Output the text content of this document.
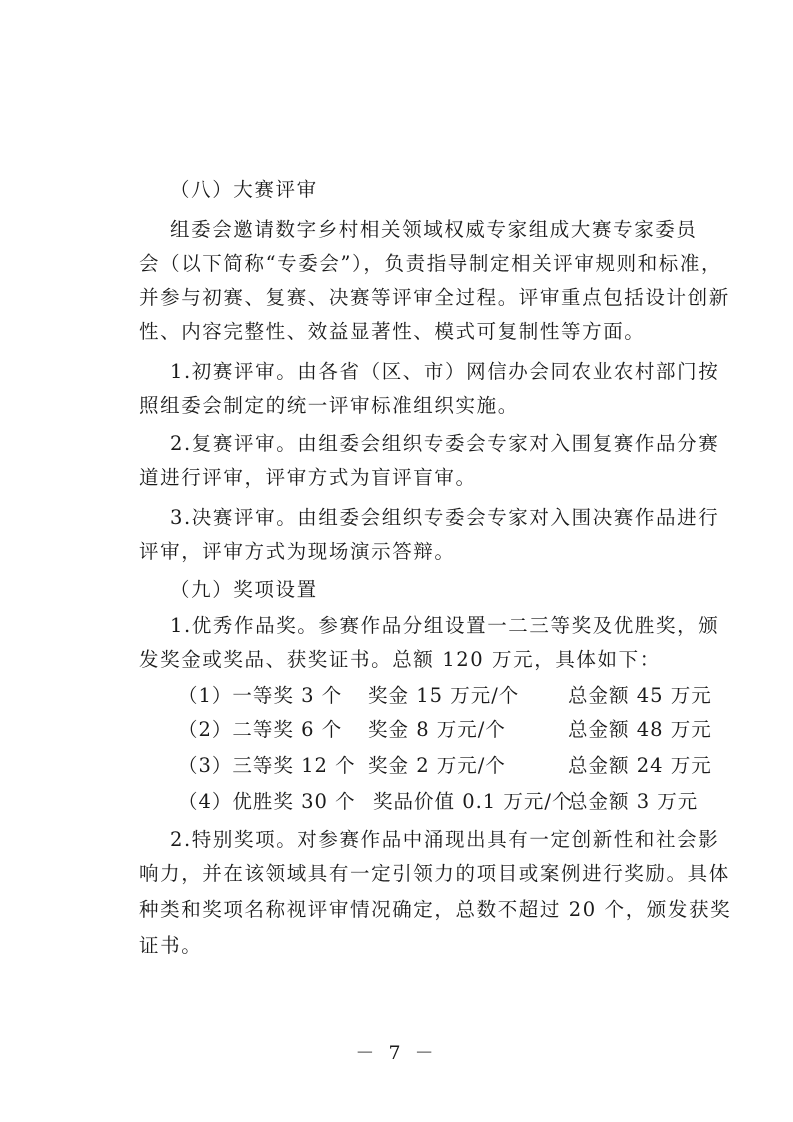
（八）大赛评审
组委会邀请数字乡村相关领域权威专家组成大赛专家委员
会（以下简称“专委会”），负责指导制定相关评审规则和标准，
并参与初赛、复赛、决赛等评审全过程。评审重点包括设计创新
性、内容完整性、效益显著性、模式可复制性等方面。
1.初赛评审。由各省（区、市）网信办会同农业农村部门按
照组委会制定的统一评审标准组织实施。
2.复赛评审。由组委会组织专委会专家对入围复赛作品分赛
道进行评审，评审方式为盲评盲审。
3.决赛评审。由组委会组织专委会专家对入围决赛作品进行
评审，评审方式为现场演示答辩。
（九）奖项设置
1.优秀作品奖。参赛作品分组设置一二三等奖及优胜奖，颁
发奖金或奖品、获奖证书。总额 120 万元，具体如下：
（1）一等奖 3 个 奖金 15 万元/个 总金额 45 万元
（2）二等奖 6 个 奖金 8 万元/个	总金额 48 万元
（3）三等奖 12 个 奖金 2 万元/个	总金额 24 万元
（4）优胜奖 30 个 奖品价值 0.1 万元/个
总金额 3 万元
2.特别奖项。对参赛作品中涌现出具有一定创新性和社会影
响力，并在该领域具有一定引领力的项目或案例进行奖励。具体
种类和奖项名称视评审情况确定，总数不超过 20 个，颁发获奖
证书。
－ 7 －
